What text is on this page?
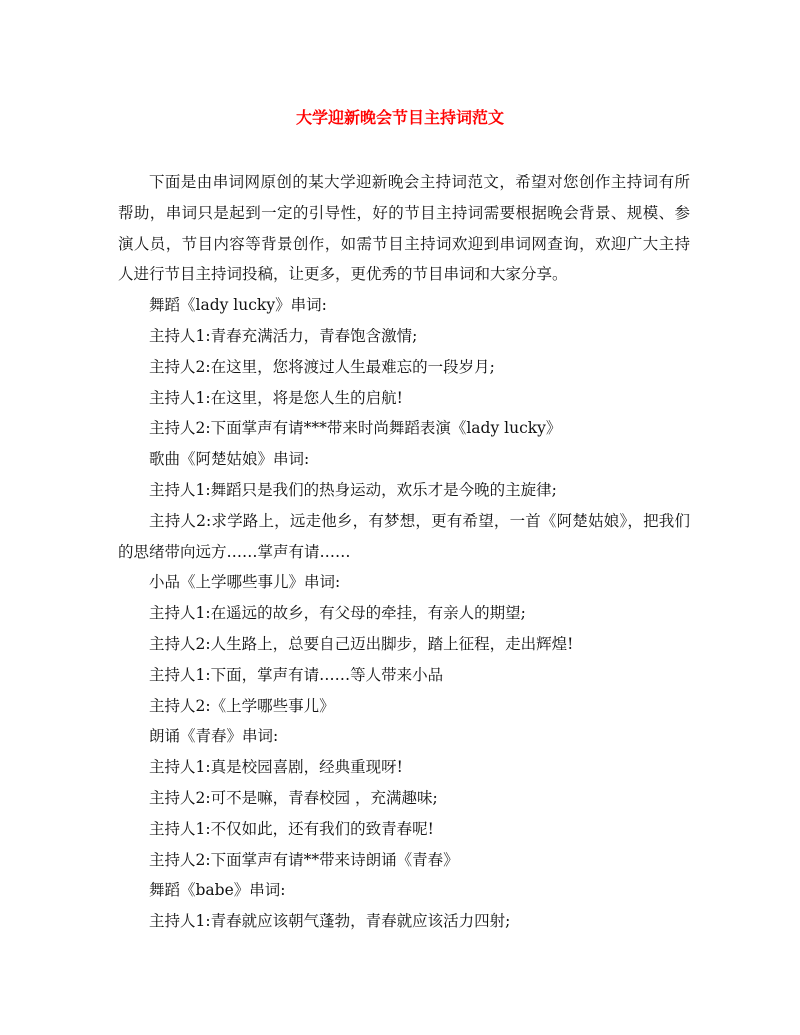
大学迎新晚会节目主持词范文

下面是由串词网原创的某大学迎新晚会主持词范文，希望对您创作主持词有所帮助，串词只是起到一定的引导性，好的节目主持词需要根据晚会背景、规模、参演人员，节目内容等背景创作，如需节目主持词欢迎到串词网查询，欢迎广大主持人进行节目主持词投稿，让更多，更优秀的节目串词和大家分享。

舞蹈《lady lucky》串词:

主持人1:青春充满活力，青春饱含激情;

主持人2:在这里，您将渡过人生最难忘的一段岁月;

主持人1:在这里，将是您人生的启航!

主持人2:下面掌声有请***带来时尚舞蹈表演《lady lucky》

歌曲《阿楚姑娘》串词:

主持人1:舞蹈只是我们的热身运动，欢乐才是今晚的主旋律;

主持人2:求学路上，远走他乡，有梦想，更有希望，一首《阿楚姑娘》，把我们的思绪带向远方……掌声有请……

小品《上学哪些事儿》串词:

主持人1:在遥远的故乡，有父母的牵挂，有亲人的期望;

主持人2:人生路上，总要自己迈出脚步，踏上征程，走出辉煌!

主持人1:下面，掌声有请……等人带来小品

主持人2:《上学哪些事儿》

朗诵《青春》串词:

主持人1:真是校园喜剧，经典重现呀!

主持人2:可不是嘛，青春校园 ，充满趣味;

主持人1:不仅如此，还有我们的致青春呢!

主持人2:下面掌声有请**带来诗朗诵《青春》

舞蹈《babe》串词:

主持人1:青春就应该朝气蓬勃，青春就应该活力四射;
